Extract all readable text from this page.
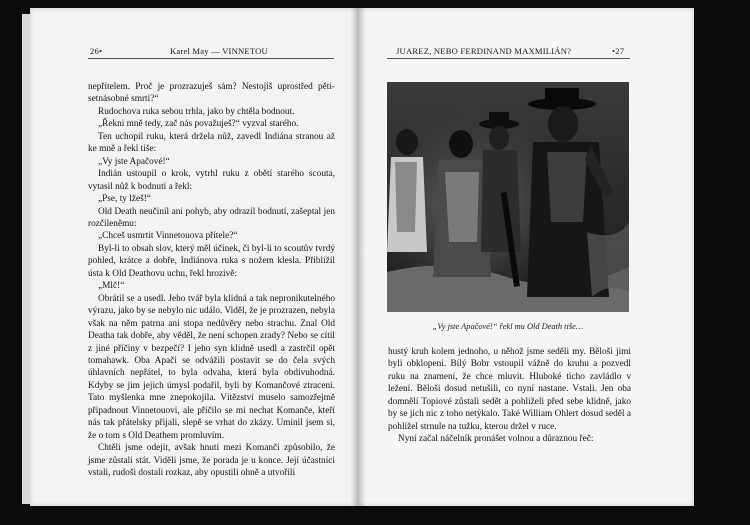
26•	Karel May — VINNETOU

nepřítelem. Proč je prozrazuješ sám? Nestojíš uprostřed pěti-setnásobné smrti?“

Rudochova ruka sebou trhla, jako by chtěla bodnout.

„Řekni mně tedy, zač nás považuješ?“ vyzval starého.

Ten uchopil ruku, která držela nůž, zavedl Indiána stranou až ke mně a řekl tiše:

„Vy jste Apačové!“

Indián ustoupil o krok, vytrhl ruku z obětí starého scouta, vytasil nůž k bodnutí a řekl:

„Pse, ty lžeš!“

Old Death neučinil ani pohyb, aby odrazil bodnutí, zašeptal jen rozčileněmu:

„Chceš usmrtit Vinnetouova přítele?“

Byl-li to obsah slov, který měl účinek, či byl-li to scoutův tvrdý pohled, krátce a dobře, Indiánova ruka s nožem klesla. Přiblížil ústa k Old Deathovu uchu, řekl hrozivě:

„Mlč!“

Obrátil se a usedl. Jeho tvář byla klidná a tak nepronikutelného výrazu, jako by se nebylo nic událo. Viděl, že je prozrazen, nebyla však na něm patrna ani stopa nedůvěry nebo strachu. Znal Old Deatha tak dobře, aby věděl, že není schopen zrady? Nebo se cítil z jiné příčiny v bezpečí? I jeho syn klidně usedl a zastrčil opět tomahawk. Oba Apači se odvážili postavit se do čela svých úhlavních nepřátel, to byla odvaha, která byla obdivuhodná. Kdyby se jim jejich úmysl podařil, byli by Komančové ztraceni. Tato myšlenka mne znepokojila. Vítězství muselo samozřejmě připadnout Vinnetouovi, ale příčilo se mi nechat Komanče, kteří nás tak přátelsky přijali, slepě se vrhat do zkázy. Umínil jsem si, že o tom s Old Deathem promluvím.

Chtěli jsme odejít, avšak hnutí mezi Komanči způsobilo, že jsme zůstali stát. Viděli jsme, že porada je u konce. Její účastníci vstali, rudoši dostali rozkaz, aby opustili ohně a utvořili

JUAREZ, NEBO FERDINAND MAXMILIÁN?	•27
„Vy jste Apačové!“ řekl mu Old Death tiše…

hustý kruh kolem jednoho, u něhož jsme seděli my. Běloši jimi byli obklopeni. Bílý Bobr vstoupil vážně do kruhu a pozvedl ruku na znamení, že chce mluvit. Hluboké ticho zavládlo v ležení. Běloši dosud netušili, co nyní nastane. Vstali. Jen oba domnělí Topiové zůstali sedět a pohlíželi před sebe klidně, jako by se jich nic z toho netýkalo. Také William Ohlert dosud seděl a pohlížel strnule na tužku, kterou držel v ruce.

Nyní začal náčelník pronášet volnou a důraznou řeč:
